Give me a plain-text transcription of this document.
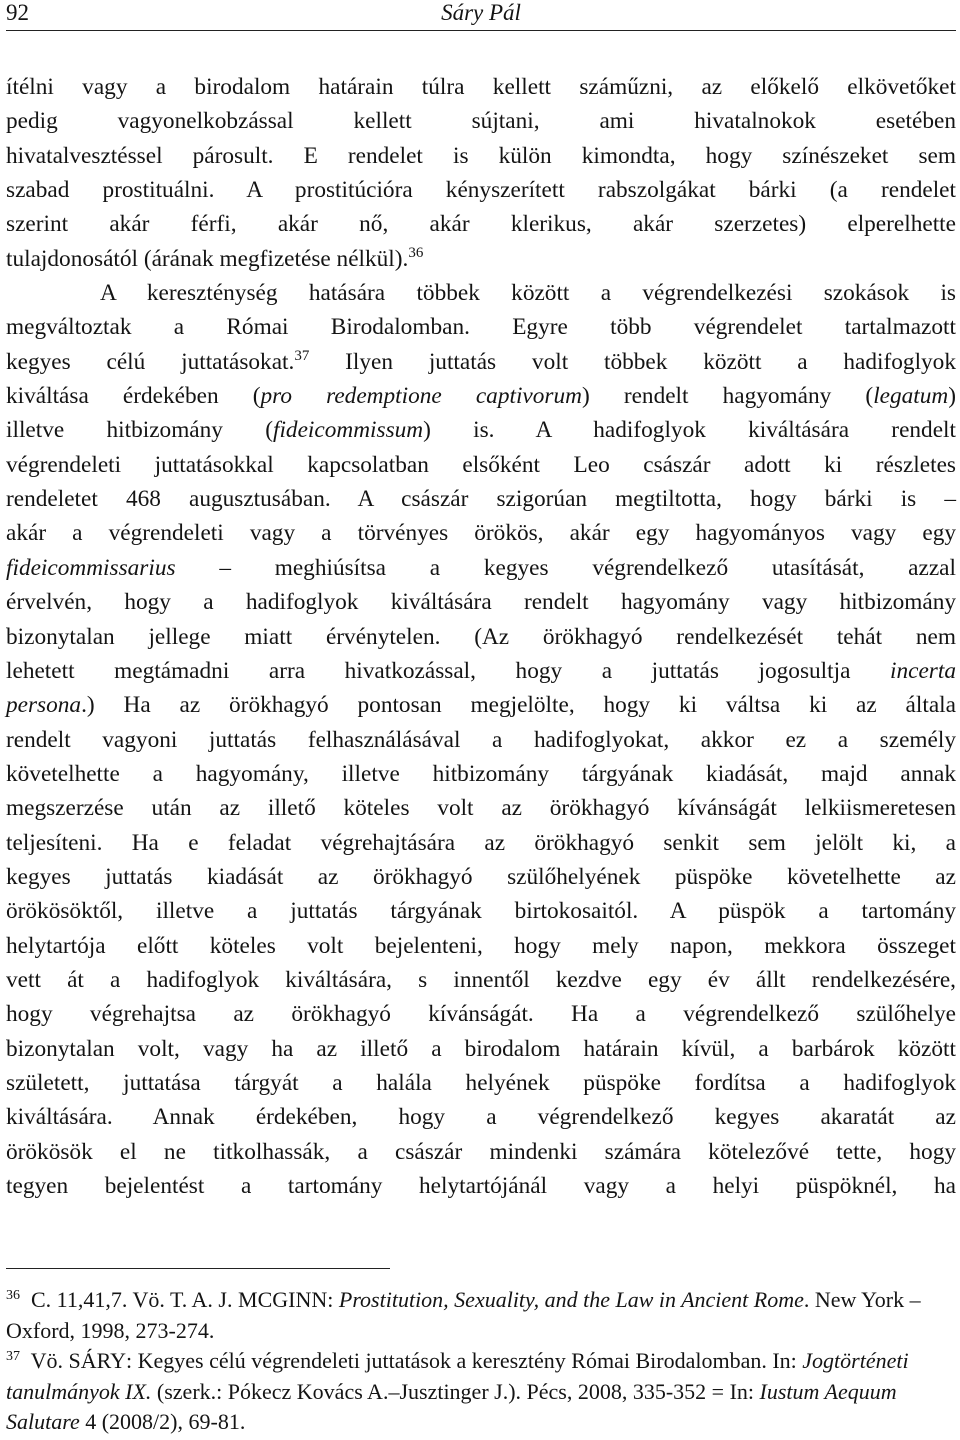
92	Sáry Pál
ítélni vagy a birodalom határain túlra kellett száműzni, az előkelő elkövetőket
pedig vagyonelkobzással kellett sújtani, ami hivatalnokok esetében
hivatalvesztéssel párosult. E rendelet is külön kimondta, hogy színészeket sem
szabad prostituálni. A prostitúcióra kényszerített rabszolgákat bárki (a rendelet
szerint akár férfi, akár nő, akár klerikus, akár szerzetes) elperelhette
tulajdonosától (árának megfizetése nélkül).$^{36}$
A kereszténység hatására többek között a végrendelkezési szokások is
megváltoztak a Római Birodalomban. Egyre több végrendelet tartalmazott
kegyes célú juttatásokat.$^{37}$ Ilyen juttatás volt többek között a hadifoglyok
kiváltása érdekében (pro redemptione captivorum) rendelt hagyomány (legatum)
illetve hitbizomány (fideicommissum) is. A hadifoglyok kiváltására rendelt
végrendeleti juttatásokkal kapcsolatban elsőként Leo császár adott ki részletes
rendeletet 468 augusztusában. A császár szigorúan megtiltotta, hogy bárki is –
akár a végrendeleti vagy a törvényes örökös, akár egy hagyományos vagy egy
fideicommissarius – meghiúsítsa a kegyes végrendelkező utasítását, azzal
érvelvén, hogy a hadifoglyok kiváltására rendelt hagyomány vagy hitbizomány
bizonytalan jellege miatt érvénytelen. (Az örökhagyó rendelkezését tehát nem
lehetett megtámadni arra hivatkozással, hogy a juttatás jogosultja incerta
persona.) Ha az örökhagyó pontosan megjelölte, hogy ki váltsa ki az általa
rendelt vagyoni juttatás felhasználásával a hadifoglyokat, akkor ez a személy
követelhette a hagyomány, illetve hitbizomány tárgyának kiadását, majd annak
megszerzése után az illető köteles volt az örökhagyó kívánságát lelkiismeretesen
teljesíteni. Ha e feladat végrehajtására az örökhagyó senkit sem jelölt ki, a
kegyes juttatás kiadását az örökhagyó szülőhelyének püspöke követelhette az
örökösöktől, illetve a juttatás tárgyának birtokosaitól. A püspök a tartomány
helytartója előtt köteles volt bejelenteni, hogy mely napon, mekkora összeget
vett át a hadifoglyok kiváltására, s innentől kezdve egy év állt rendelkezésére,
hogy végrehajtsa az örökhagyó kívánságát. Ha a végrendelkező szülőhelye
bizonytalan volt, vagy ha az illető a birodalom határain kívül, a barbárok között
született, juttatása tárgyát a halála helyének püspöke fordítsa a hadifoglyok
kiváltására. Annak érdekében, hogy a végrendelkező kegyes akaratát az
örökösök el ne titkolhassák, a császár mindenki számára kötelezővé tette, hogy
tegyen bejelentést a tartomány helytartójánál vagy a helyi püspöknél, ha
$^{36}$ C. 11,41,7. Vö. T. A. J. MCGINN: Prostitution, Sexuality, and the Law in Ancient Rome. New York – Oxford, 1998, 273-274.
$^{37}$ Vö. SÁRY: Kegyes célú végrendeleti juttatások a keresztény Római Birodalomban. In: Jogtörténeti tanulmányok IX. (szerk.: Pókecz Kovács A.–Jusztinger J.). Pécs, 2008, 335-352 = In: Iustum Aequum Salutare 4 (2008/2), 69-81.
